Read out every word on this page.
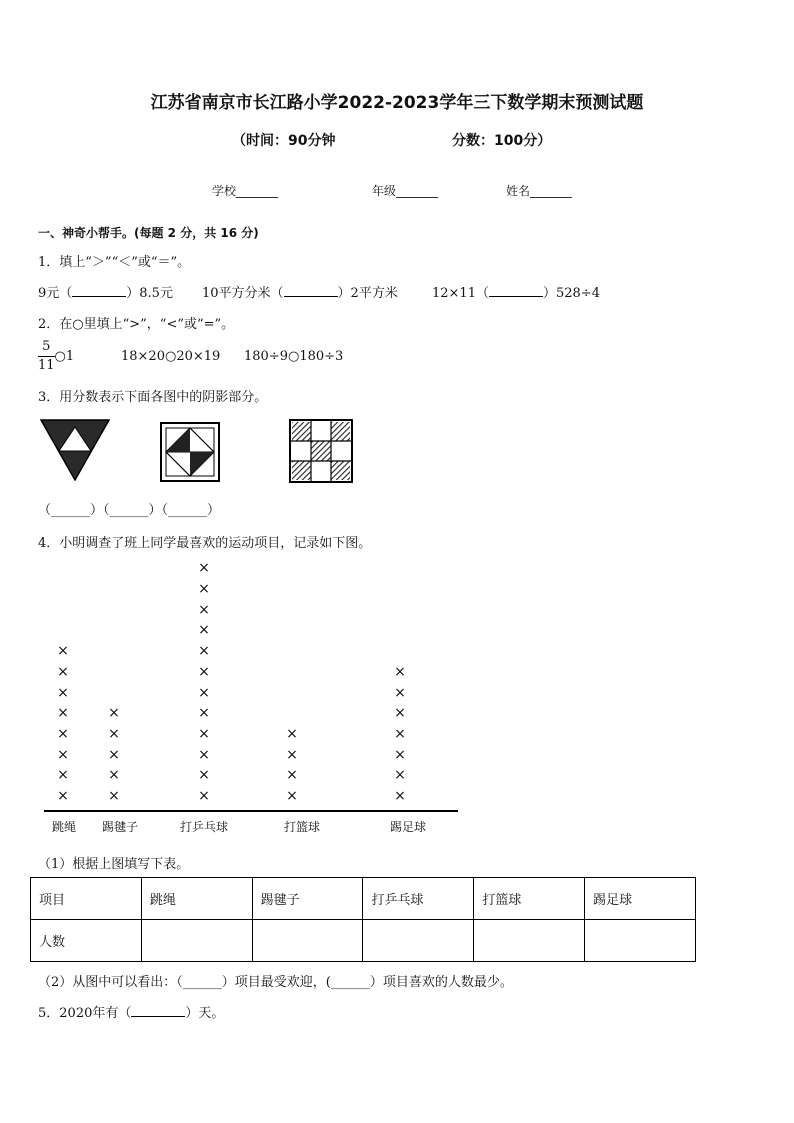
江苏省南京市长江路小学2022-2023学年三下数学期末预测试题
（时间：90分钟	分数：100分）
学校_______	年级_______	姓名_______
一、神奇小帮手。(每题 2 分，共 16 分)
1．填上“＞”“＜”或“＝”。
9元（	）8.5元 10平方分米（	）2平方米	12×11（	）528÷4
2．在○里填上“>”，“<”或“=”。
$\frac{5}{11}$ ○1	18×20○20×19 180÷9○180÷3
3．用分数表示下面各图中的阴影部分。
（______）（______）（______）
4．小明调查了班上同学最喜欢的运动项目，记录如下图。
×
×
×
×
×
×
×
×
跳绳
×
×
×
×
×
踢毽子
×
×
×
×
×
×
×
×
×
×
×
×
打乒乓球
×
×
×
×
打篮球
×
×
×
×
×
×
×
踢足球
（1）根据上图填写下表。
项目	跳绳	踢毽子	打乒乓球	打篮球	踢足球
人数					
（2）从图中可以看出：（______）项目最受欢迎，(______）项目喜欢的人数最少。
5．2020年有（	）天。
